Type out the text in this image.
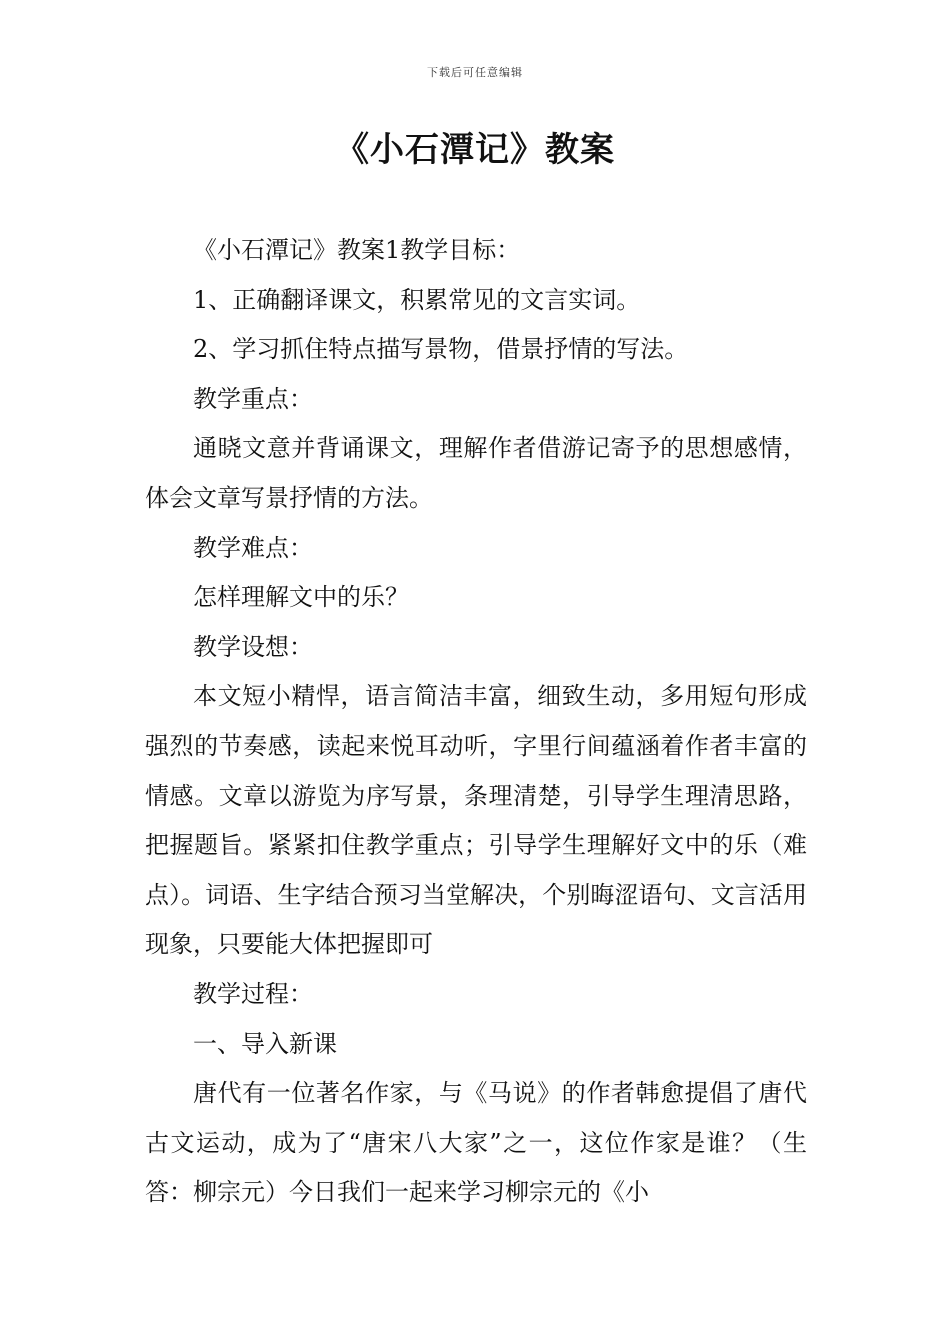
下载后可任意编辑
《小石潭记》教案

《小石潭记》教案1教学目标：

1、正确翻译课文，积累常见的文言实词。

2、学习抓住特点描写景物，借景抒情的写法。

教学重点：

通晓文意并背诵课文，理解作者借游记寄予的思想感情，体会文章写景抒情的方法。

教学难点：

怎样理解文中的乐？

教学设想：

本文短小精悍，语言简洁丰富，细致生动，多用短句形成强烈的节奏感，读起来悦耳动听，字里行间蕴涵着作者丰富的情感。文章以游览为序写景，条理清楚，引导学生理清思路，把握题旨。紧紧扣住教学重点；引导学生理解好文中的乐（难点）。词语、生字结合预习当堂解决，个别晦涩语句、文言活用现象，只要能大体把握即可

教学过程：

一、导入新课

唐代有一位著名作家，与《马说》的作者韩愈提倡了唐代古文运动，成为了“唐宋八大家”之一，这位作家是谁？（生答：柳宗元）今日我们一起来学习柳宗元的《小
